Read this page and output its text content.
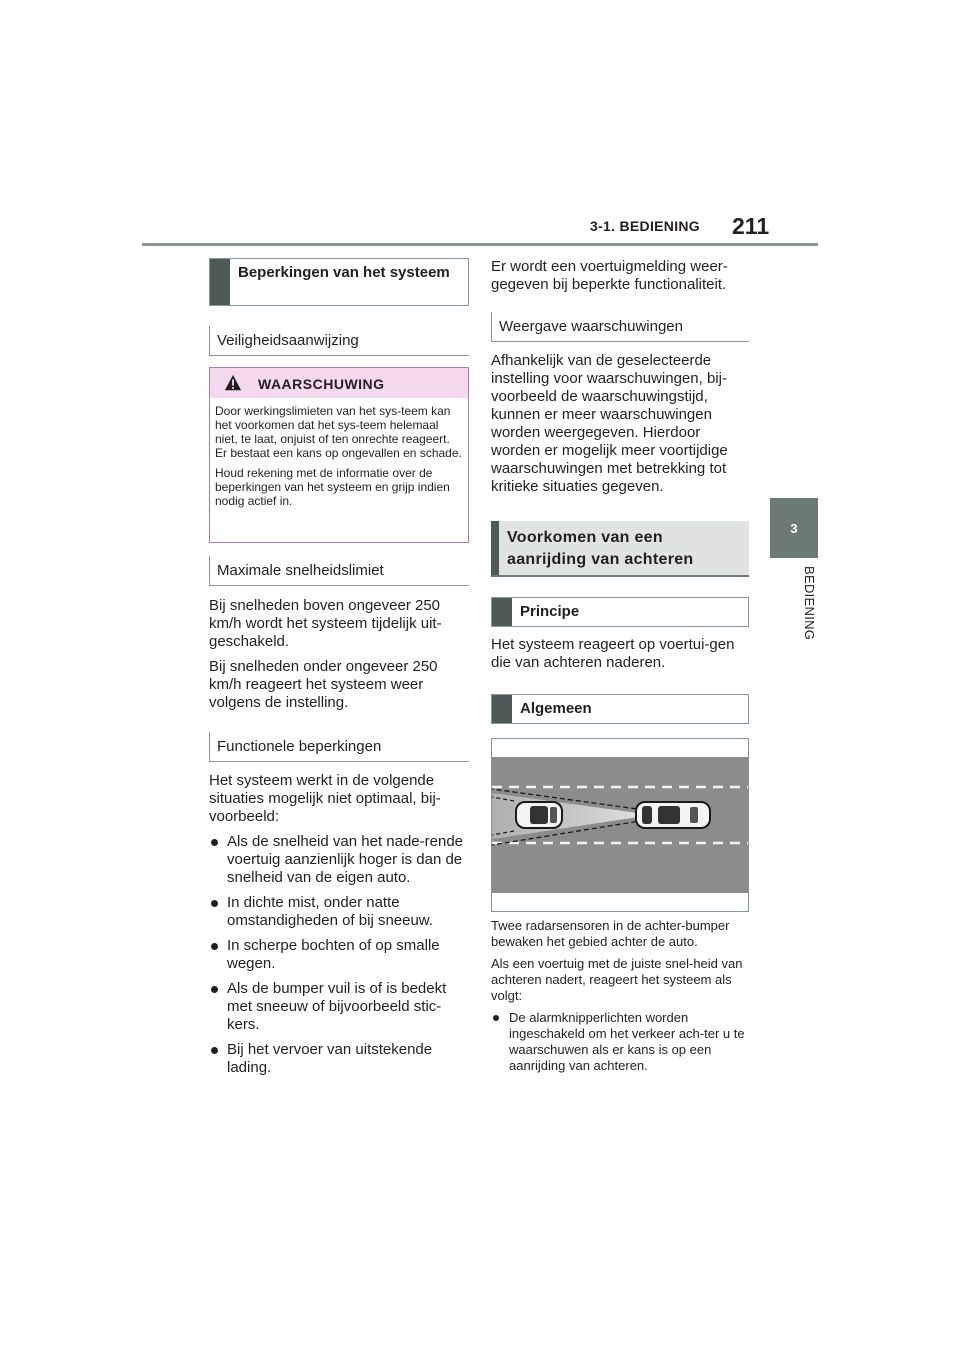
3-1. BEDIENING 211
3
BEDIENING
Beperkingen van het systeem
Veiligheidsaanwijzing
WAARSCHUWING

Door werkingslimieten van het sys-teem kan het voorkomen dat het sys-teem helemaal niet, te laat, onjuist of ten onrechte reageert. Er bestaat een kans op ongevallen en schade.

Houd rekening met de informatie over de beperkingen van het systeem en grijp indien nodig actief in.

Maximale snelheidslimiet

Bij snelheden boven ongeveer 250 km/h wordt het systeem tijdelijk uit-geschakeld.

Bij snelheden onder ongeveer 250 km/h reageert het systeem weer volgens de instelling.

Functionele beperkingen

Het systeem werkt in de volgende situaties mogelijk niet optimaal, bij-voorbeeld:

Als de snelheid van het nade-rende voertuig aanzienlijk hoger is dan de snelheid van de eigen auto.
In dichte mist, onder natte omstandigheden of bij sneeuw.
In scherpe bochten of op smalle wegen.
Als de bumper vuil is of is bedekt met sneeuw of bijvoorbeeld stic-kers.
Bij het vervoer van uitstekende lading.

Er wordt een voertuigmelding weer-gegeven bij beperkte functionaliteit.

Weergave waarschuwingen

Afhankelijk van de geselecteerde instelling voor waarschuwingen, bij-voorbeeld de waarschuwingstijd, kunnen er meer waarschuwingen worden weergegeven. Hierdoor worden er mogelijk meer voortijdige waarschuwingen met betrekking tot kritieke situaties gegeven.

Voorkomen van een
aanrijding van achteren
Principe

Het systeem reageert op voertui-gen die van achteren naderen.

Algemeen

Twee radarsensoren in de achter-bumper bewaken het gebied achter de auto.

Als een voertuig met de juiste snel-heid van achteren nadert, reageert het systeem als volgt:

De alarmknipperlichten worden ingeschakeld om het verkeer ach-ter u te waarschuwen als er kans is op een aanrijding van achteren.
